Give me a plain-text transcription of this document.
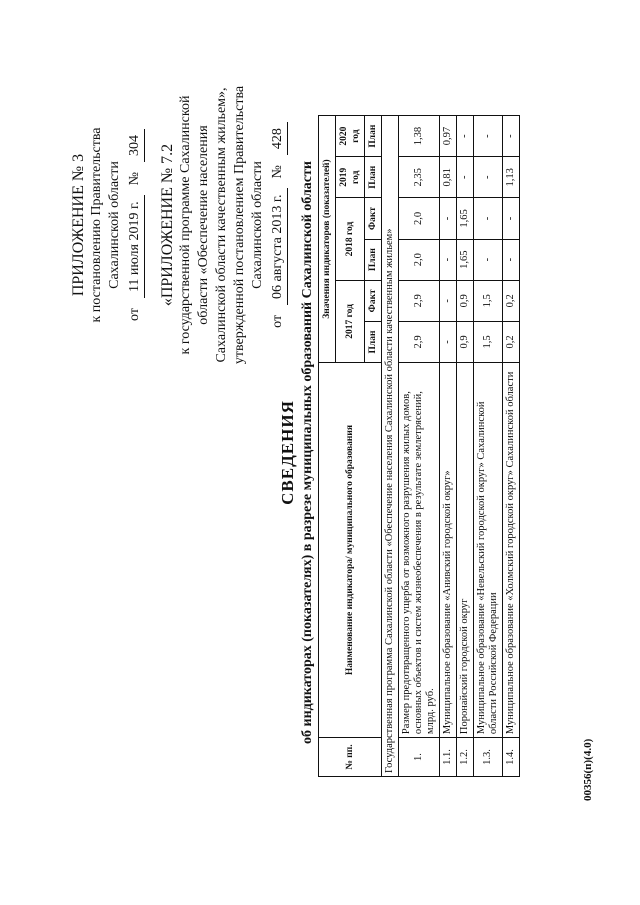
ПРИЛОЖЕНИЕ № 3 к постановлению Правительства Сахалинской области
от
11 июля 2019 г.
№
304 «ПРИЛОЖЕНИЕ № 7.2 к государственной программе Сахалинской области «Обеспечение населения Сахалинской области качественным жильем», утвержденной постановлением Правительства Сахалинской области
от
06 августа 2013 г.
№
428
СВЕДЕНИЯ об индикаторах (показателях) в разрезе муниципальных образований Сахалинской области
№ пп.	Наименование индикатора/ муниципального образования	Значения индикаторов (показателей)					
		2017 год		2018 год		2019 год	2020 год
		План	Факт	План	Факт	План	План
Государственная программа Сахалинской области «Обеспечение населения Сахалинской области качественным жильем»							
1.	Размер предотвращенного ущерба от возможного разрушения жилых домов, основных объектов и систем жизнеобеспечения в результате землетрясений, млрд. руб.	2,9	2,9	2,0	2,0	2,35	1,38
1.1.	Муниципальное образование «Анивский городской округ»	-	-	-	-	0,81	0,97
1.2.	Поронайский городской округ	0,9	0,9	1,65	1,65	-	-
1.3.	Муниципальное образование «Невельский городской округ» Сахалинской области Российской Федерации	1,5	1,5	-	-	-	-
1.4.	Муниципальное образование «Холмский городской округ» Сахалинской области	0,2	0,2	-	-	1,13	-
00356(п)(4.0)
